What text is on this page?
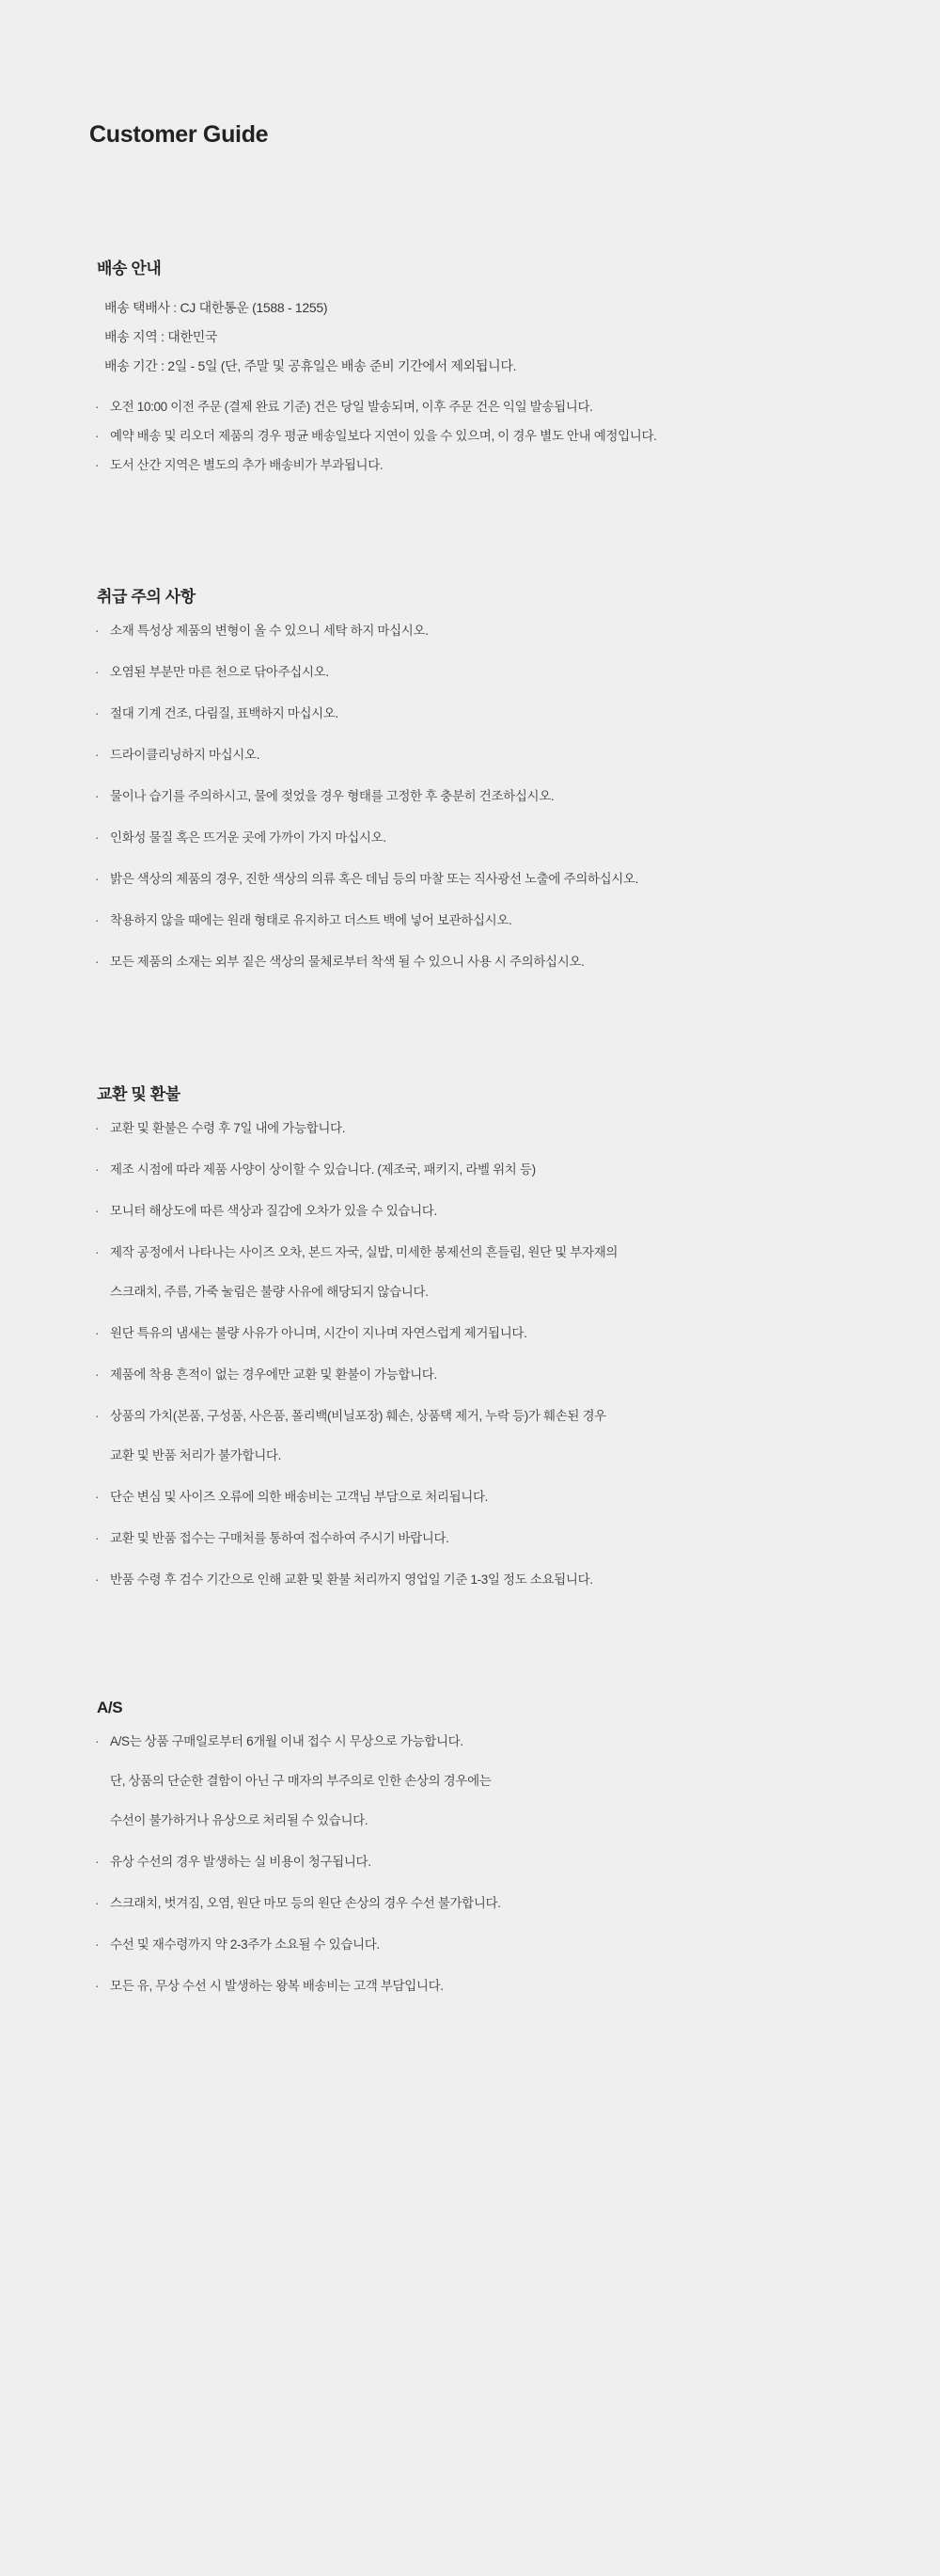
Customer Guide
배송 안내
배송 택배사 : CJ 대한통운 (1588 - 1255)
배송 지역 : 대한민국
배송 기간 : 2일 - 5일 (단, 주말 및 공휴일은 배송 준비 기간에서 제외됩니다.
· 오전 10:00 이전 주문 (결제 완료 기준) 건은 당일 발송되며, 이후 주문 건은 익일 발송됩니다.
· 예약 배송 및 리오더 제품의 경우 평균 배송일보다 지연이 있을 수 있으며, 이 경우 별도 안내 예정입니다.
· 도서 산간 지역은 별도의 추가 배송비가 부과됩니다.
취급 주의 사항
· 소재 특성상 제품의 변형이 올 수 있으니 세탁 하지 마십시오.
· 오염된 부분만 마른 천으로 닦아주십시오.
· 절대 기계 건조, 다림질, 표백하지 마십시오.
· 드라이클리닝하지 마십시오.
· 물이나 습기를 주의하시고, 물에 젖었을 경우 형태를 고정한 후 충분히 건조하십시오.
· 인화성 물질 혹은 뜨거운 곳에 가까이 가지 마십시오.
· 밝은 색상의 제품의 경우, 진한 색상의 의류 혹은 데님 등의 마찰 또는 직사광선 노출에 주의하십시오.
· 착용하지 않을 때에는 원래 형태로 유지하고 더스트 백에 넣어 보관하십시오.
· 모든 제품의 소재는 외부 짙은 색상의 물체로부터 착색 될 수 있으니 사용 시 주의하십시오.
교환 및 환불
· 교환 및 환불은 수령 후 7일 내에 가능합니다.
· 제조 시점에 따라 제품 사양이 상이할 수 있습니다. (제조국, 패키지, 라벨 위치 등)
· 모니터 해상도에 따른 색상과 질감에 오차가 있을 수 있습니다.
· 제작 공정에서 나타나는 사이즈 오차, 본드 자국, 실밥, 미세한 봉제선의 흔들림, 원단 및 부자재의
스크래치, 주름, 가죽 눌림은 불량 사유에 해당되지 않습니다.
· 원단 특유의 냄새는 불량 사유가 아니며, 시간이 지나며 자연스럽게 제거됩니다.
· 제품에 착용 흔적이 없는 경우에만 교환 및 환불이 가능합니다.
· 상품의 가치(본품, 구성품, 사은품, 폴리백(비닐포장) 훼손, 상품택 제거, 누락 등)가 훼손된 경우
교환 및 반품 처리가 불가합니다.
· 단순 변심 및 사이즈 오류에 의한 배송비는 고객님 부담으로 처리됩니다.
· 교환 및 반품 접수는 구매처를 통하여 접수하여 주시기 바랍니다.
· 반품 수령 후 검수 기간으로 인해 교환 및 환불 처리까지 영업일 기준 1-3일 정도 소요됩니다.
A/S
· A/S는 상품 구매일로부터 6개월 이내 접수 시 무상으로 가능합니다.
단, 상품의 단순한 결함이 아닌 구 매자의 부주의로 인한 손상의 경우에는
수선이 불가하거나 유상으로 처리될 수 있습니다.
· 유상 수선의 경우 발생하는 실 비용이 청구됩니다.
· 스크래치, 벗겨짐, 오염, 원단 마모 등의 원단 손상의 경우 수선 불가합니다.
· 수선 및 재수령까지 약 2-3주가 소요될 수 있습니다.
· 모든 유, 무상 수선 시 발생하는 왕복 배송비는 고객 부담입니다.
